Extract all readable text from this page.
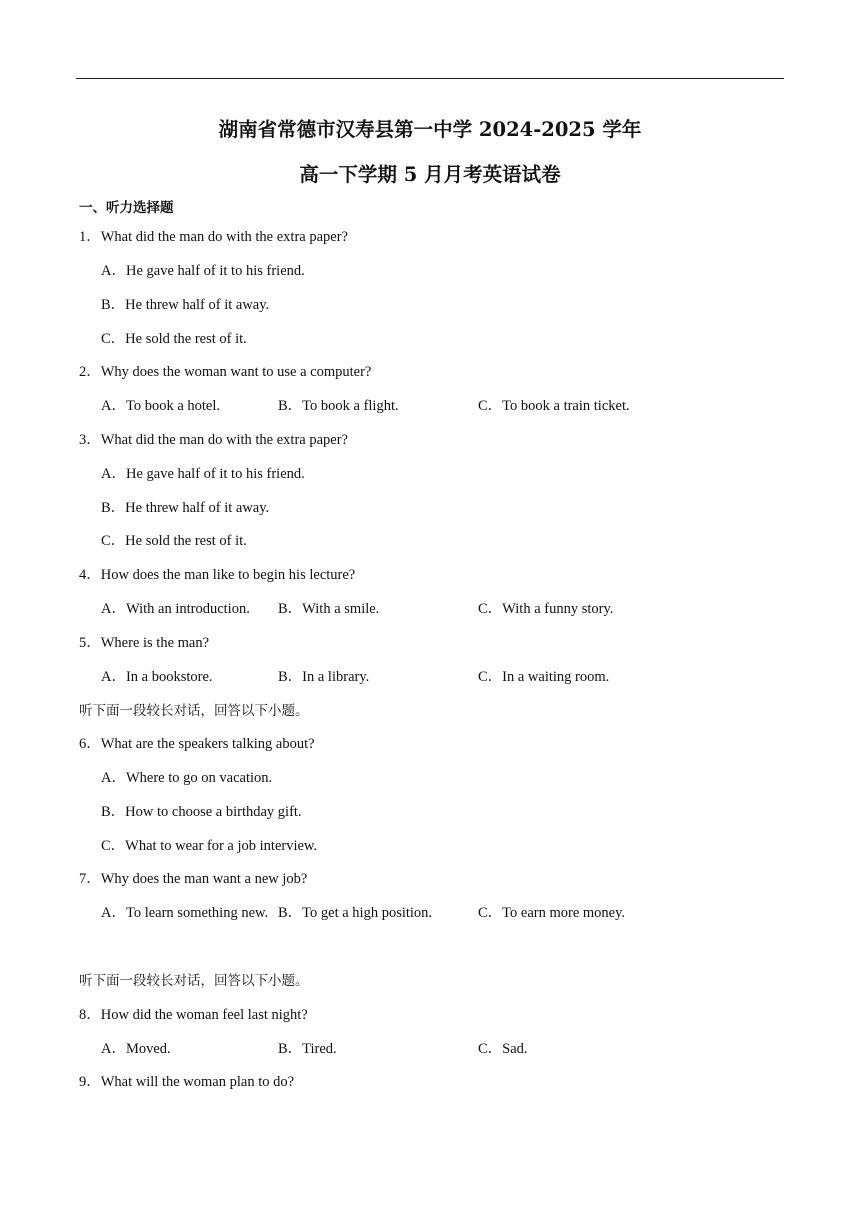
湖南省常德市汉寿县第一中学 2024-2025 学年
高一下学期 5 月月考英语试卷
一、听力选择题
1．What did the man do with the extra paper?
A．He gave half of it to his friend.
B．He threw half of it away.
C．He sold the rest of it.
2．Why does the woman want to use a computer?
A．To book a hotel.	B．To book a flight.	C．To book a train ticket.
3．What did the man do with the extra paper?
A．He gave half of it to his friend.
B．He threw half of it away.
C．He sold the rest of it.
4．How does the man like to begin his lecture?
A．With an introduction. B．With a smile.	C．With a funny story.
5．Where is the man?
A．In a bookstore.	B．In a library.	C．In a waiting room.
听下面一段较长对话，回答以下小题。
6．What are the speakers talking about?
A．Where to go on vacation.
B．How to choose a birthday gift.
C．What to wear for a job interview.
7．Why does the man want a new job?
A．To learn something new. B．To get a high position.	C．To earn more money.
听下面一段较长对话，回答以下小题。
8．How did the woman feel last night?
A．Moved.	B．Tired.	C．Sad.
9．What will the woman plan to do?
